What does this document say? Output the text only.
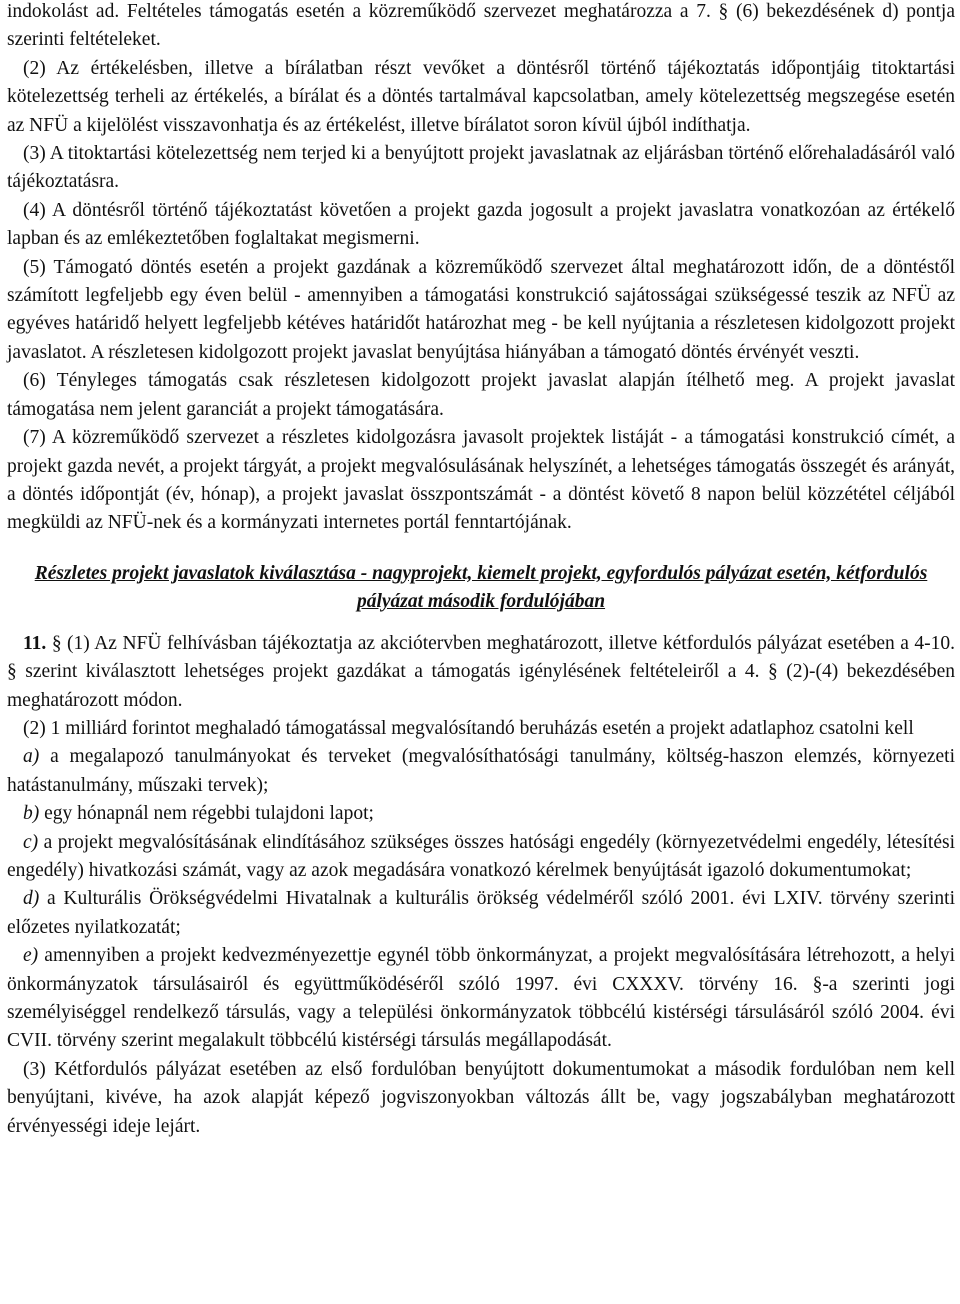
indokolást ad. Feltételes támogatás esetén a közreműködő szervezet meghatározza a 7. § (6) bekezdésének d) pontja szerinti feltételeket.

(2) Az értékelésben, illetve a bírálatban részt vevőket a döntésről történő tájékoztatás időpontjáig titoktartási kötelezettség terheli az értékelés, a bírálat és a döntés tartalmával kapcsolatban, amely kötelezettség megszegése esetén az NFÜ a kijelölést visszavonhatja és az értékelést, illetve bírálatot soron kívül újból indíthatja.

(3) A titoktartási kötelezettség nem terjed ki a benyújtott projekt javaslatnak az eljárásban történő előrehaladásáról való tájékoztatásra.

(4) A döntésről történő tájékoztatást követően a projekt gazda jogosult a projekt javaslatra vonatkozóan az értékelő lapban és az emlékeztetőben foglaltakat megismerni.

(5) Támogató döntés esetén a projekt gazdának a közreműködő szervezet által meghatározott időn, de a döntéstől számított legfeljebb egy éven belül - amennyiben a támogatási konstrukció sajátosságai szükségessé teszik az NFÜ az egyéves határidő helyett legfeljebb kétéves határidőt határozhat meg - be kell nyújtania a részletesen kidolgozott projekt javaslatot. A részletesen kidolgozott projekt javaslat benyújtása hiányában a támogató döntés érvényét veszti.

(6) Tényleges támogatás csak részletesen kidolgozott projekt javaslat alapján ítélhető meg. A projekt javaslat támogatása nem jelent garanciát a projekt támogatására.

(7) A közreműködő szervezet a részletes kidolgozásra javasolt projektek listáját - a támogatási konstrukció címét, a projekt gazda nevét, a projekt tárgyát, a projekt megvalósulásának helyszínét, a lehetséges támogatás összegét és arányát, a döntés időpontját (év, hónap), a projekt javaslat összpontszámát - a döntést követő 8 napon belül közzététel céljából megküldi az NFÜ-nek és a kormányzati internetes portál fenntartójának.

Részletes projekt javaslatok kiválasztása - nagyprojekt, kiemelt projekt, egyfordulós pályázat esetén, kétfordulós pályázat második fordulójában

11. § (1) Az NFÜ felhívásban tájékoztatja az akciótervben meghatározott, illetve kétfordulós pályázat esetében a 4-10. § szerint kiválasztott lehetséges projekt gazdákat a támogatás igénylésének feltételeiről a 4. § (2)-(4) bekezdésében meghatározott módon.

(2) 1 milliárd forintot meghaladó támogatással megvalósítandó beruházás esetén a projekt adatlaphoz csatolni kell

a) a megalapozó tanulmányokat és terveket (megvalósíthatósági tanulmány, költség-haszon elemzés, környezeti hatástanulmány, műszaki tervek);

b) egy hónapnál nem régebbi tulajdoni lapot;

c) a projekt megvalósításának elindításához szükséges összes hatósági engedély (környezetvédelmi engedély, létesítési engedély) hivatkozási számát, vagy az azok megadására vonatkozó kérelmek benyújtását igazoló dokumentumokat;

d) a Kulturális Örökségvédelmi Hivatalnak a kulturális örökség védelméről szóló 2001. évi LXIV. törvény szerinti előzetes nyilatkozatát;

e) amennyiben a projekt kedvezményezettje egynél több önkormányzat, a projekt megvalósítására létrehozott, a helyi önkormányzatok társulásairól és együttműködéséről szóló 1997. évi CXXXV. törvény 16. §-a szerinti jogi személyiséggel rendelkező társulás, vagy a települési önkormányzatok többcélú kistérségi társulásáról szóló 2004. évi CVII. törvény szerint megalakult többcélú kistérségi társulás megállapodását.

(3) Kétfordulós pályázat esetében az első fordulóban benyújtott dokumentumokat a második fordulóban nem kell benyújtani, kivéve, ha azok alapját képező jogviszonyokban változás állt be, vagy jogszabályban meghatározott érvényességi ideje lejárt.
